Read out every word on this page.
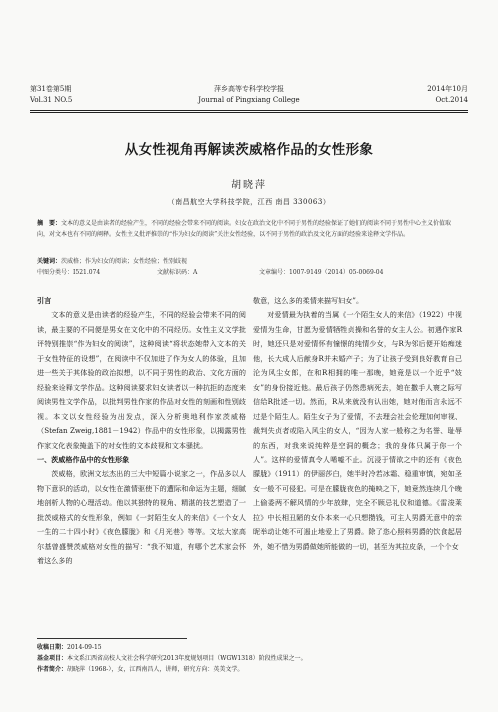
第31卷第5期
Vol.31 NO.5
萍乡高等专科学校学报
Journal of Pingxiang College
2014年10月
Oct.2014
从女性视角再解读茨威格作品的女性形象
胡晓萍
（南昌航空大学科技学院，江西 南昌 330063）
摘　要：文本的意义是由读者的经验产生，不同的经验会带来不同的阅读。妇女在政治文化中不同于男性的经验保证了她们的阅读不同于男性中心主义价值取向，对文本也有不同的阐释。女性主义批评推崇的“作为妇女的阅读”关注女性经验，以不同于男性的政治及文化方面的经验来诠释文学作品。
关键词：茨威格；作为妇女的阅读；女性经验；性别歧视
中图分类号：I521.074	文献标识码：A	文章编号：1007-9149（2014）05-0069-04

引言

文本的意义是由读者的经验产生，不同的经验会带来不同的阅读，最主要的不同便是男女在文化中的不同经历。女性主义文学批评特别推崇“作为妇女的阅读”，这种阅读“将状态她带入文本的关于女性特征的设想”，在阅读中不仅加进了作为女人的体验，且加进一些关于其体验的政治拟想，以不同于男性的政治、文化方面的经验来诠释文学作品。这种阅读要求妇女读者以一种抗拒的态度来阅读男性文学作品，以批判男性作家的作品对女性的刻画和性别歧视。本文以女性经验为出发点，深入分析奥地利作家茨威格（Stefan Zweig,1881－1942）作品中的女性形象，以揭露男性作家文化表象掩盖下的对女性的文本歧视和文本骚扰。

一、茨威格作品中的女性形象

茨威格，欧洲文坛杰出的三大中短篇小说家之一，作品多以人物下意识的活动，以女性在激情驱使下的遭际和命运为主题，细腻地剖析人物的心理活动。他以其独特的视角、精湛的技艺塑造了一批茨威格式的女性形象，例如《一封陌生女人的来信》《一个女人一生的二十四小时》《夜色朦胧》和《月光巷》等等。文坛大家高尔基曾盛赞茨威格对女性的描写：“我不知道，有哪个艺术家会怀着这么多的

敬意，这么多的柔情来描写妇女”。

对爱情最为执着的当属《一个陌生女人的来信》（1922）中视爱情为生命，甘愿为爱情牺牲贞操和名誉的女主人公。初遇作家R时，她还只是对爱情怀有憧憬的纯情少女，与R为邻后便开始痴迷他，长大成人后献身R并未婚产子；为了让孩子受到良好教育自己沦为风尘女郎，在和R相拥的唯一那晚，她竟是以一个近乎“妓女”的身份接近他。最后孩子仍然患病死去，她在撒手人寰之际写信给R批述一切。然而，R从来就没有认出她，她对他而言永远不过是个陌生人。陌生女子为了爱情，不去理会社会伦理加何审视、裁判失贞者或陷入风尘的女人，“因为人家一般称之为名誉、耻辱的东西，对我来说纯粹是空洞的概念；我的身体只属于你一个人”。这样的爱情真令人唏嘘不止。沉浸于情欲之中的还有《夜色朦胧》（1911）的伊丽莎白，她半时冷若冰霜、稳重审慎，宛如圣女一般不可侵犯。可是在朦胧夜色的掩映之下，她竟然连续几个晚上偷委两不解风情的少年放肆，完全不顾忌礼仪和道德。《雷浚莱拉》中长相丑陋的女仆本来一心只想攒钱，可主人男爵无意中的亲昵举动让她不可遏止地爱上了男爵。除了恣心照料男爵的饮食起居外，她不惜为男爵做她所能做的一切，甚至为其拉皮条，一个个女

收稿日期：2014-09-15
基金项目：本文系江西省高校人文社会科学研究2013年度规划项目（WGW1318）阶段性成果之一。
作者简介：胡晓萍（1968-），女，江西南昌人，讲师，研究方向：英美文学。
